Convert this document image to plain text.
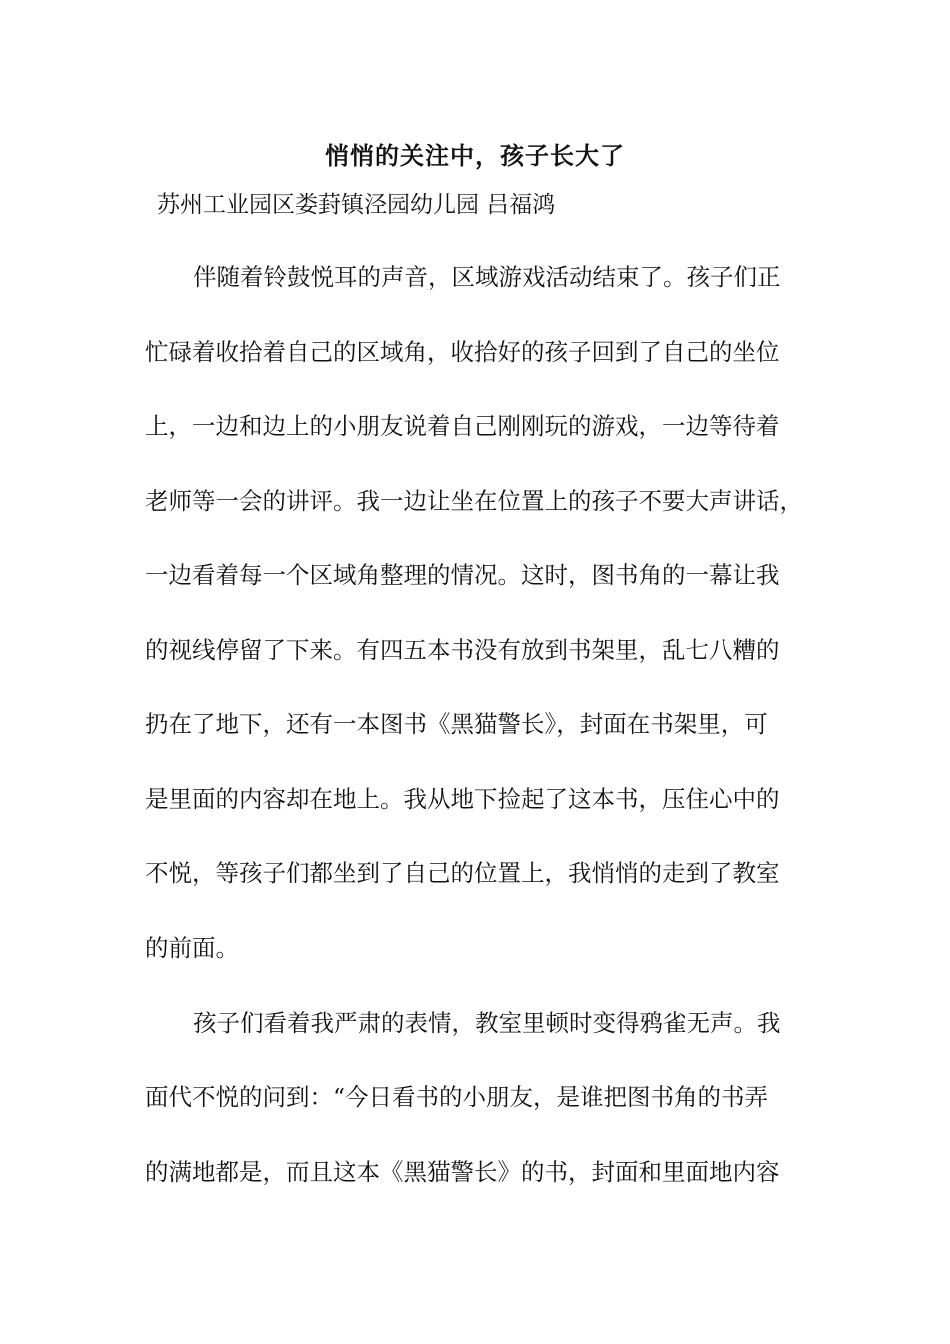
悄悄的关注中，孩子长大了
苏州工业园区娄葑镇泾园幼儿园 吕福鸿
伴随着铃鼓悦耳的声音，区域游戏活动结束了。孩子们正
忙碌着收拾着自己的区域角，收拾好的孩子回到了自己的坐位
上，一边和边上的小朋友说着自己刚刚玩的游戏，一边等待着
老师等一会的讲评。我一边让坐在位置上的孩子不要大声讲话，
一边看着每一个区域角整理的情况。这时，图书角的一幕让我
的视线停留了下来。有四五本书没有放到书架里，乱七八糟的
扔在了地下，还有一本图书《黑猫警长》，封面在书架里，可
是里面的内容却在地上。我从地下捡起了这本书，压住心中的
不悦，等孩子们都坐到了自己的位置上，我悄悄的走到了教室
的前面。
孩子们看着我严肃的表情，教室里顿时变得鸦雀无声。我
面代不悦的问到：“今日看书的小朋友，是谁把图书角的书弄
的满地都是，而且这本《黑猫警长》的书，封面和里面地内容
